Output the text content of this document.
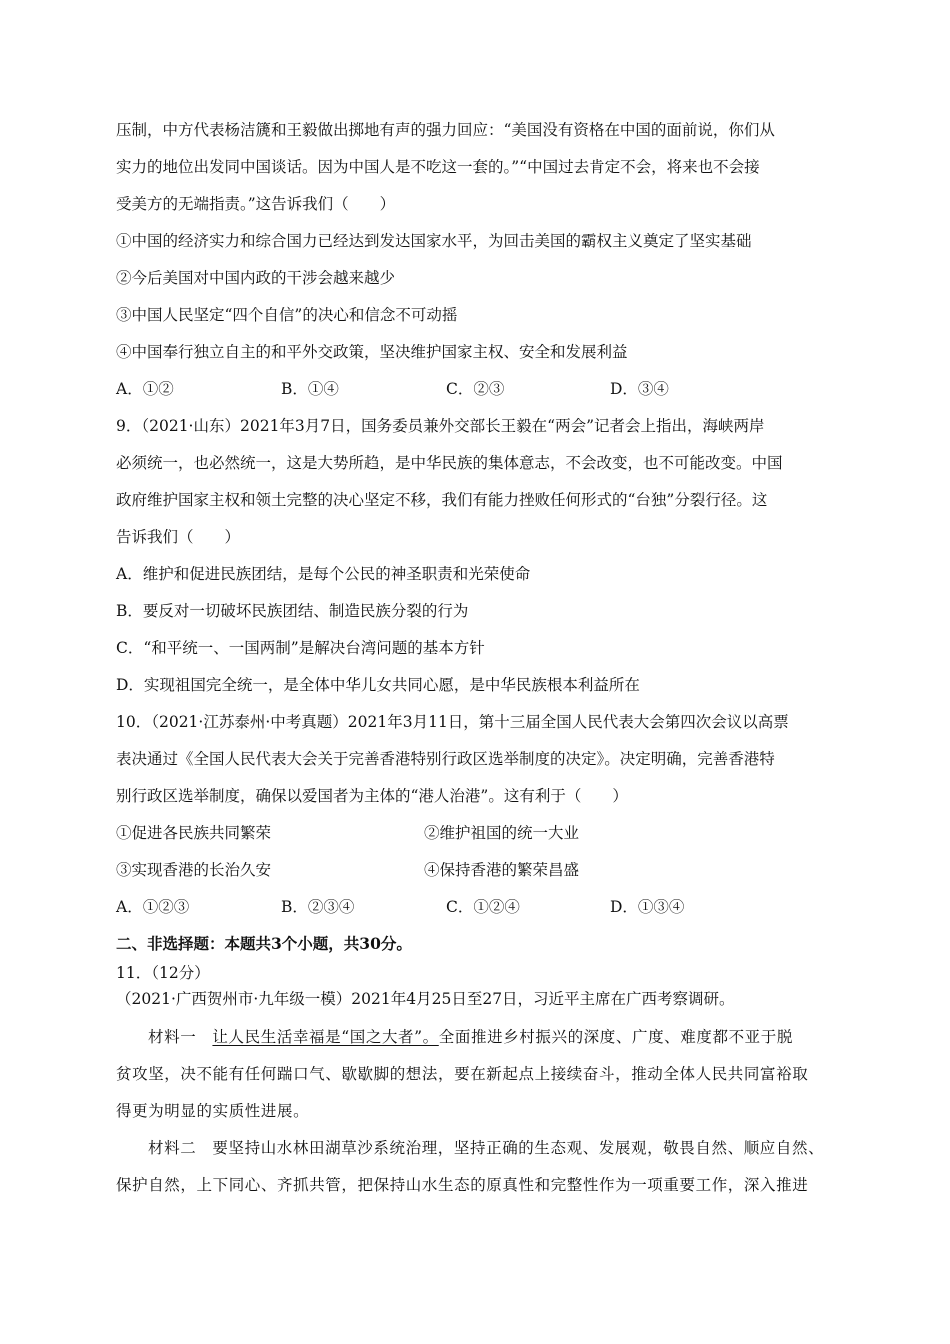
压制，中方代表杨洁篪和王毅做出掷地有声的强力回应：“美国没有资格在中国的面前说，你们从
实力的地位出发同中国谈话。因为中国人是不吃这一套的。”“中国过去肯定不会，将来也不会接
受美方的无端指责。”这告诉我们（　　）
①中国的经济实力和综合国力已经达到发达国家水平，为回击美国的霸权主义奠定了坚实基础
②今后美国对中国内政的干涉会越来越少
③中国人民坚定“四个自信”的决心和信念不可动摇
④中国奉行独立自主的和平外交政策，坚决维护国家主权、安全和发展利益
A．①②	B．①④	C．②③	D．③④
9．（2021·山东）2021年3月7日，国务委员兼外交部长王毅在“两会”记者会上指出，海峡两岸
必须统一，也必然统一，这是大势所趋，是中华民族的集体意志，不会改变，也不可能改变。中国
政府维护国家主权和领土完整的决心坚定不移，我们有能力挫败任何形式的“台独”分裂行径。这
告诉我们（　　）
A．维护和促进民族团结，是每个公民的神圣职责和光荣使命
B．要反对一切破坏民族团结、制造民族分裂的行为
C．“和平统一、一国两制”是解决台湾问题的基本方针
D．实现祖国完全统一，是全体中华儿女共同心愿，是中华民族根本利益所在
10．（2021·江苏泰州·中考真题）2021年3月11日，第十三届全国人民代表大会第四次会议以高票
表决通过《全国人民代表大会关于完善香港特别行政区选举制度的决定》。决定明确，完善香港特
别行政区选举制度，确保以爱国者为主体的“港人治港”。这有利于（　　）
①促进各民族共同繁荣	②维护祖国的统一大业
③实现香港的长治久安	④保持香港的繁荣昌盛
A．①②③	B．②③④	C．①②④	D．①③④
二、非选择题：本题共3个小题，共30分。
11．（12分）
（2021·广西贺州市·九年级一模）2021年4月25日至27日，习近平主席在广西考察调研。
材料一　 让人民生活幸福是“国之大者”。全面推进乡村振兴的深度、广度、难度都不亚于脱
贫攻坚，决不能有任何踹口气、歇歇脚的想法，要在新起点上接续奋斗，推动全体人民共同富裕取
得更为明显的实质性进展。
材料二　要坚持山水林田湖草沙系统治理，坚持正确的生态观、发展观，敬畏自然、顺应自然、
保护自然，上下同心、齐抓共管，把保持山水生态的原真性和完整性作为一项重要工作，深入推进
